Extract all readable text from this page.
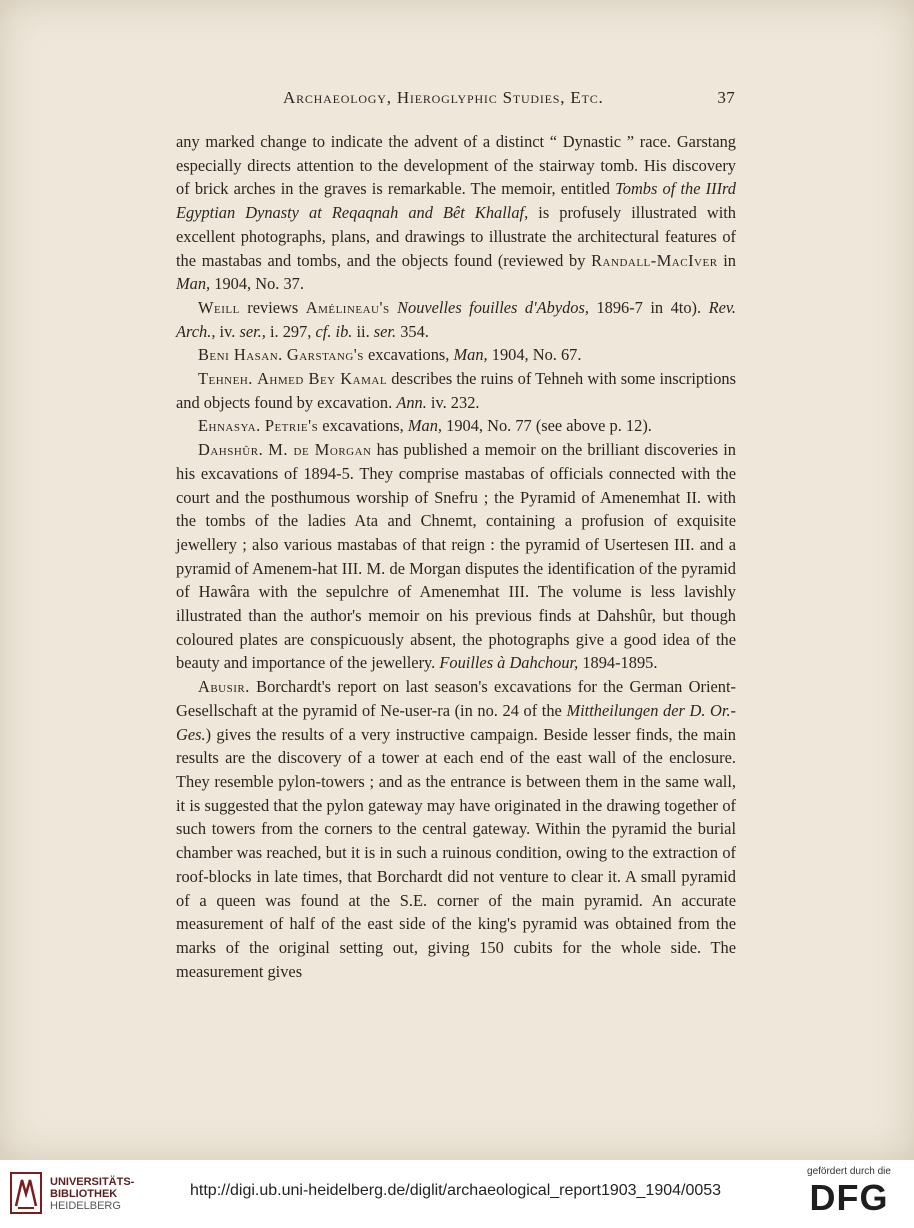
Archaeology, Hieroglyphic Studies, Etc.	37

any marked change to indicate the advent of a distinct “ Dynastic ” race. Garstang especially directs attention to the development of the stairway tomb. His discovery of brick arches in the graves is remarkable. The memoir, entitled Tombs of the IIIrd Egyptian Dynasty at Reqaqnah and Bêt Khallaf, is profusely illustrated with excellent photographs, plans, and drawings to illustrate the architectural features of the mastabas and tombs, and the objects found (reviewed by Randall-MacIver in Man, 1904, No. 37.

Weill reviews Amélineau's Nouvelles fouilles d'Abydos, 1896-7 in 4to). Rev. Arch., iv. ser., i. 297, cf. ib. ii. ser. 354.

Beni Hasan. Garstang's excavations, Man, 1904, No. 67.

Tehneh. Ahmed Bey Kamal describes the ruins of Tehneh with some inscriptions and objects found by excavation. Ann. iv. 232.

Ehnasya. Petrie's excavations, Man, 1904, No. 77 (see above p. 12).

Dahshûr. M. de Morgan has published a memoir on the brilliant discoveries in his excavations of 1894-5. They comprise mastabas of officials connected with the court and the posthumous worship of Snefru ; the Pyramid of Amenemhat II. with the tombs of the ladies Ata and Chnemt, containing a profusion of exquisite jewellery ; also various mastabas of that reign : the pyramid of Usertesen III. and a pyramid of Amenem-hat III. M. de Morgan disputes the identification of the pyramid of Hawâra with the sepulchre of Amenemhat III. The volume is less lavishly illustrated than the author's memoir on his previous finds at Dahshûr, but though coloured plates are conspicuously absent, the photographs give a good idea of the beauty and importance of the jewellery. Fouilles à Dahchour, 1894-1895.

Abusir. Borchardt's report on last season's excavations for the German Orient-Gesellschaft at the pyramid of Ne-user-ra (in no. 24 of the Mittheilungen der D. Or.-Ges.) gives the results of a very instructive campaign. Beside lesser finds, the main results are the discovery of a tower at each end of the east wall of the enclosure. They resemble pylon-towers ; and as the entrance is between them in the same wall, it is suggested that the pylon gateway may have originated in the drawing together of such towers from the corners to the central gateway. Within the pyramid the burial chamber was reached, but it is in such a ruinous condition, owing to the extraction of roof-blocks in late times, that Borchardt did not venture to clear it. A small pyramid of a queen was found at the S.E. corner of the main pyramid. An accurate measurement of half of the east side of the king's pyramid was obtained from the marks of the original setting out, giving 150 cubits for the whole side. The measurement gives

UNIVERSITÄTS-
BIBLIOTHEK
HEIDELBERG
http://digi.ub.uni-heidelberg.de/diglit/archaeological_report1903_1904/0053
gefördert durch die
DFG
